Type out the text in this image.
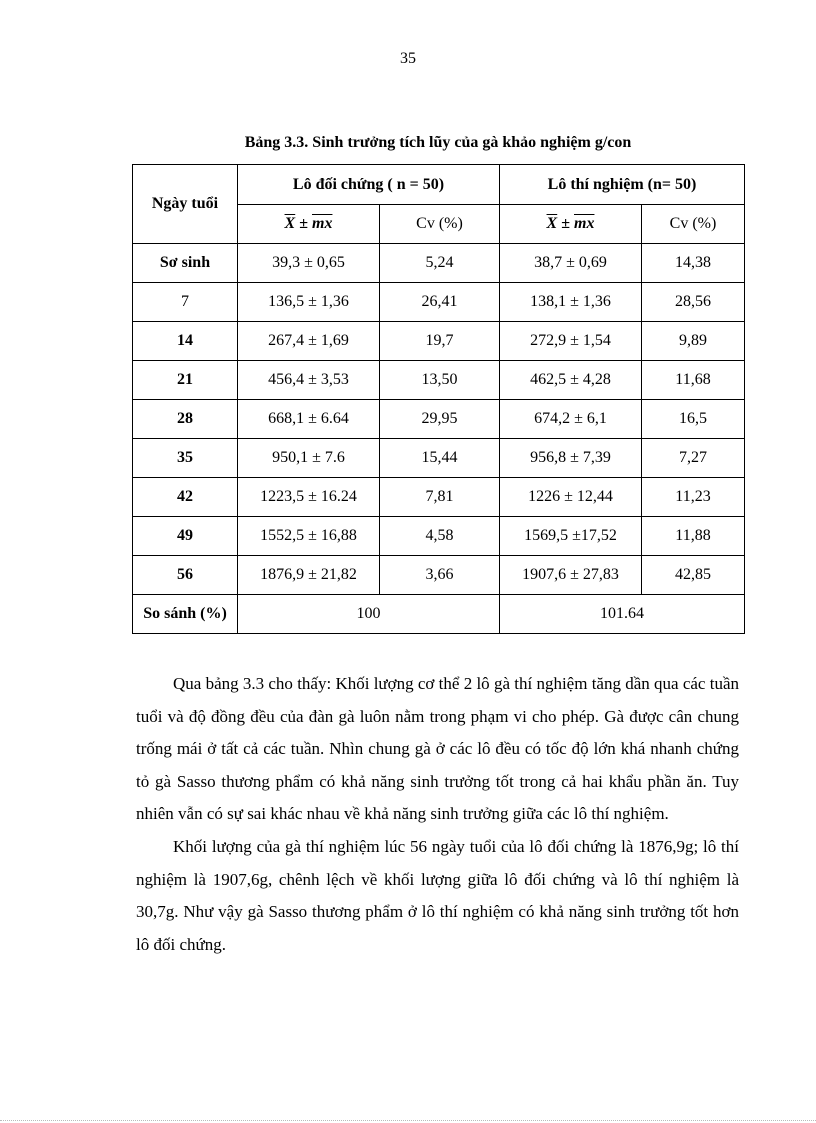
35
Bảng 3.3. Sinh trưởng tích lũy của gà khảo nghiệm g/con
Ngày tuổi	Lô đối chứng ( n = 50)		Lô thí nghiệm (n= 50)	
	$\overline{X} \pm \overline{mx}$	Cv (%)	$\overline{X} \pm \overline{mx}$	Cv (%)
Sơ sinh	39,3 ± 0,65	5,24	38,7 ± 0,69	14,38
7	136,5 ± 1,36	26,41	138,1 ± 1,36	28,56
14	267,4 ± 1,69	19,7	272,9 ± 1,54	9,89
21	456,4 ± 3,53	13,50	462,5 ± 4,28	11,68
28	668,1 ± 6.64	29,95	674,2 ± 6,1	16,5
35	950,1 ± 7.6	15,44	956,8 ± 7,39	7,27
42	1223,5 ± 16.24	7,81	1226 ± 12,44	11,23
49	1552,5 ± 16,88	4,58	1569,5 ±17,52	11,88
56	1876,9 ± 21,82	3,66	1907,6 ± 27,83	42,85
So sánh (%)	100		101.64	

Qua bảng 3.3 cho thấy: Khối lượng cơ thể 2 lô gà thí nghiệm tăng dần qua các tuần tuổi và độ đồng đều của đàn gà luôn nằm trong phạm vi cho phép. Gà được cân chung trống mái ở tất cả các tuần. Nhìn chung gà ở các lô đều có tốc độ lớn khá nhanh chứng tỏ gà Sasso thương phẩm có khả năng sinh trưởng tốt trong cả hai khẩu phần ăn. Tuy nhiên vẫn có sự sai khác nhau về khả năng sinh trưởng giữa các lô thí nghiệm.

Khối lượng của gà thí nghiệm lúc 56 ngày tuổi của lô đối chứng là 1876,9g; lô thí nghiệm là 1907,6g, chênh lệch về khối lượng giữa lô đối chứng và lô thí nghiệm là 30,7g. Như vậy gà Sasso thương phẩm ở lô thí nghiệm có khả năng sinh trưởng tốt hơn lô đối chứng.
